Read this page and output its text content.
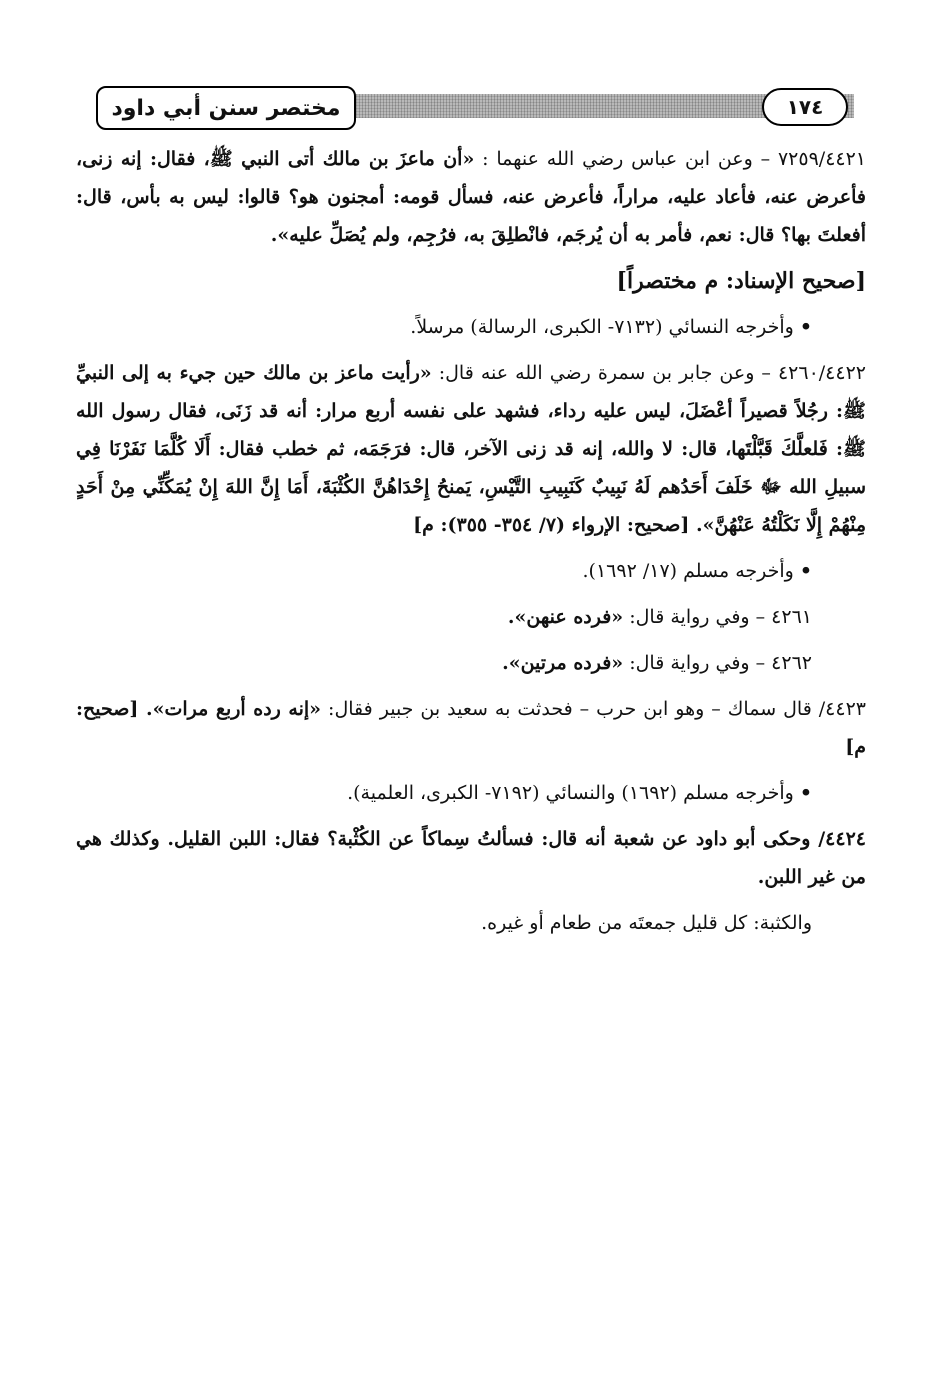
مختصر سنن أبي داود	١٧٤

٧٢٥٩/٤٤٢١ – وعن ابن عباس رضي الله عنهما : «أن ماعزَ بن مالك أتى النبي ﷺ، فقال: إنه زنى، فأعرض عنه، فأعاد عليه، مراراً، فأعرض عنه، فسأل قومه: أمجنون هو؟ قالوا: ليس به بأس، قال: أفعلتَ بها؟ قال: نعم، فأمر به أن يُرجَم، فانْطلِقَ به، فرُجِم، ولم يُصَلِّ عليه».

[صحيح الإسناد: م مختصراً]

•وأخرجه النسائي (٧١٣٢- الكبرى، الرسالة) مرسلاً.

٤٢٦٠/٤٤٢٢ – وعن جابر بن سمرة رضي الله عنه قال: «رأيت ماعز بن مالك حين جيء به إلى النبيِّ ﷺ: رجُلاً قصيراً أعْضَلَ، ليس عليه رداء، فشهد على نفسه أربع مرار: أنه قد زَنَى، فقال رسول الله ﷺ: فَلعلَّكَ قَبَّلْتَها، قال: لا والله، إنه قد زنى الآخر، قال: فرَجَمَه، ثم خطب فقال: أَلَا كُلَّمَا نَفَرْنَا فِي سبيلِ الله ﷻ خَلَفَ أَحَدُهم لَهُ نَبِيبٌ كَنَبِيبِ التَّيْسِ، يَمنحُ إِحْدَاهُنَّ الكُثْبَةَ، أَمَا إِنَّ اللهَ إِنْ يُمَكِّنِّي مِنْ أَحَدٍ مِنْهُمْ إِلَّا نَكَلْتُهُ عَنْهُنَّ». [صحيح: الإرواء (٧/ ٣٥٤- ٣٥٥): م]

•وأخرجه مسلم (١٧/ ١٦٩٢).

٤٢٦١ – وفي رواية قال: «فرده عنهن».

٤٢٦٢ – وفي رواية قال: «فرده مرتين».

٤٤٢٣/ قال سماك – وهو ابن حرب – فحدثت به سعيد بن جبير فقال: «إنه رده أربع مرات». [صحيح: م]

•وأخرجه مسلم (١٦٩٢) والنسائي (٧١٩٢- الكبرى، العلمية).

٤٤٢٤/ وحكى أبو داود عن شعبة أنه قال: فسألتُ سِماكاً عن الكُثْبة؟ فقال: اللبن القليل. وكذلك هي من غير اللبن.

والكثبة: كل قليل جمعتَه من طعام أو غيره.
